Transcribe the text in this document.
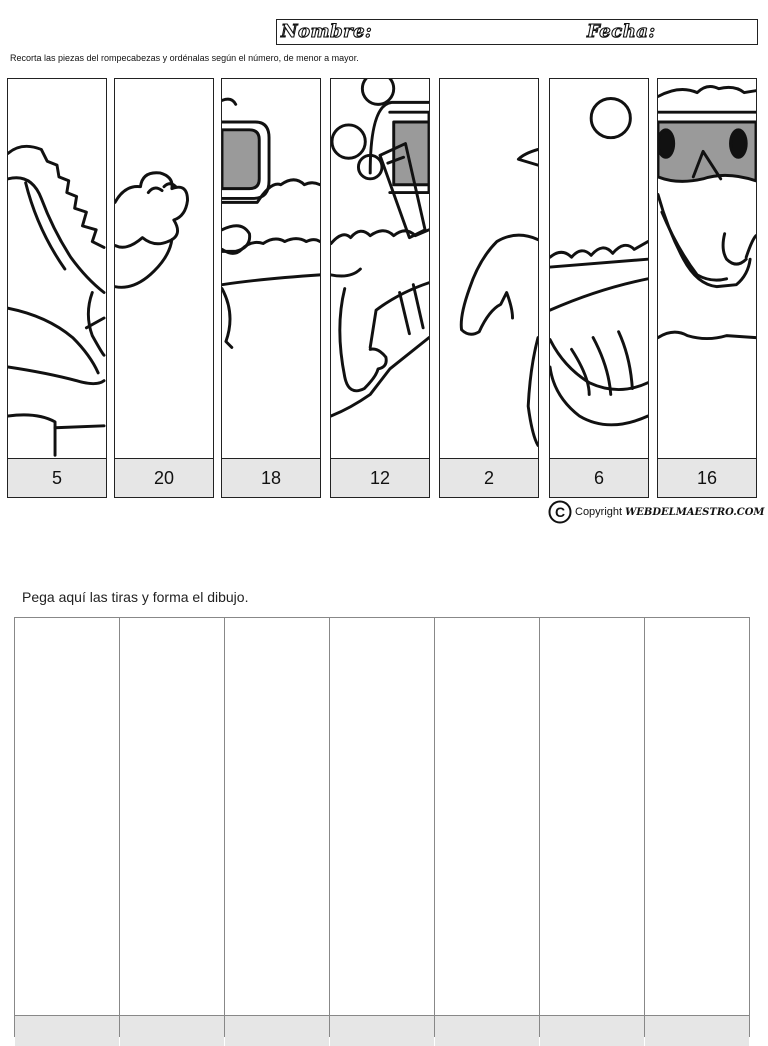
Nombre:	Fecha:
Recorta las piezas del rompecabezas y ordénalas según el número, de menor a mayor.
5	20	18	12	2	6	16
C Copyright WEBDELMAESTRO.COM
Pega aquí las tiras y forma el dibujo.
